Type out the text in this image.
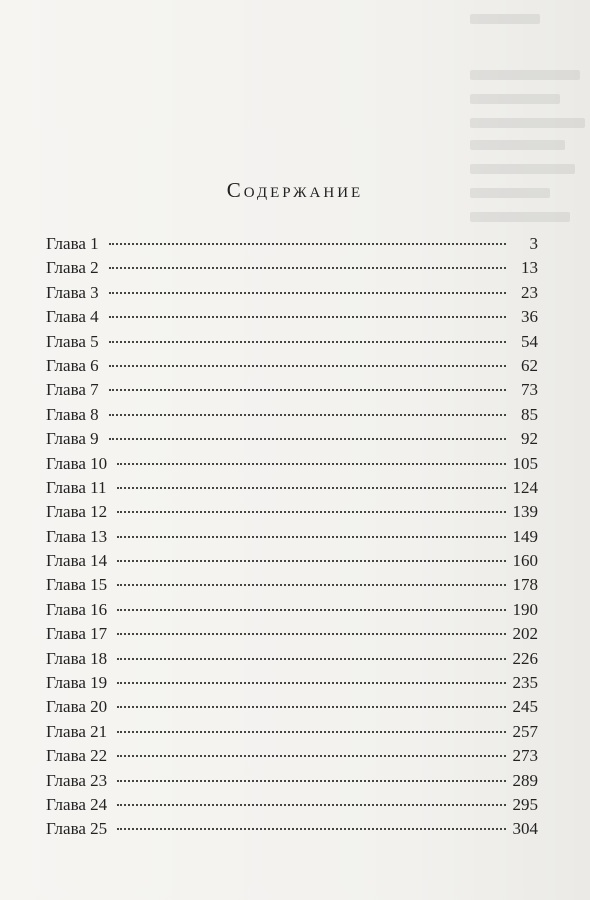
Содержание
Глава 1	3
Глава 2	13
Глава 3	23
Глава 4	36
Глава 5	54
Глава 6	62
Глава 7	73
Глава 8	85
Глава 9	92
Глава 10	105
Глава 11	124
Глава 12	139
Глава 13	149
Глава 14	160
Глава 15	178
Глава 16	190
Глава 17	202
Глава 18	226
Глава 19	235
Глава 20	245
Глава 21	257
Глава 22	273
Глава 23	289
Глава 24	295
Глава 25	304
